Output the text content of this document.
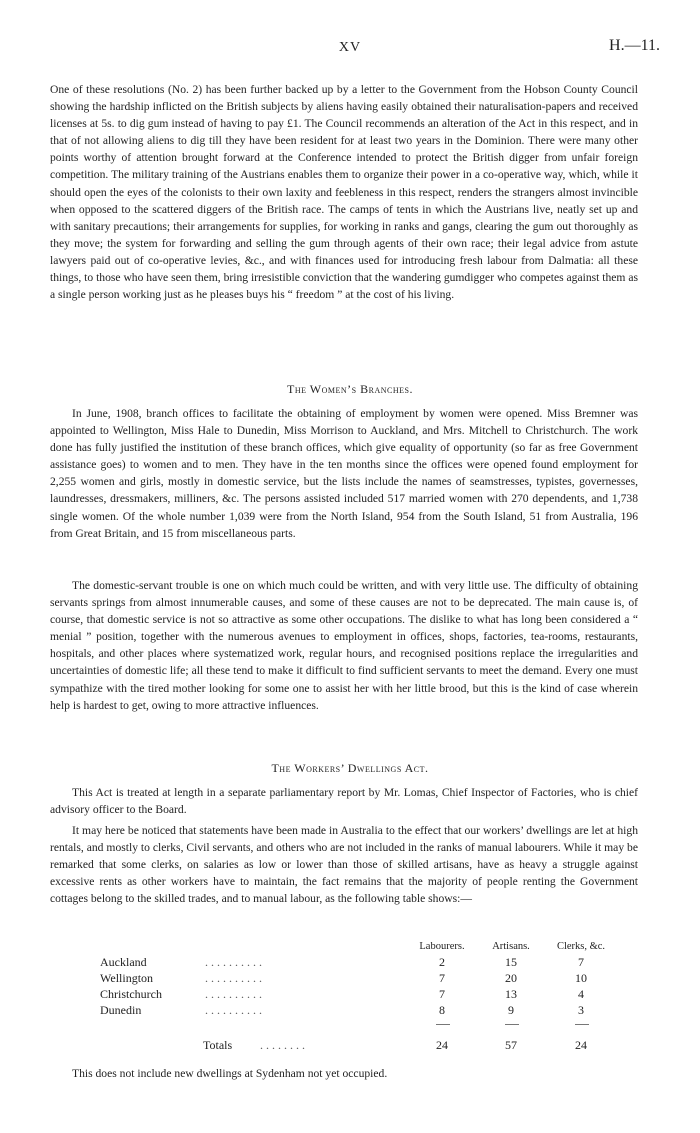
XV	H.—11.

One of these resolutions (No. 2) has been further backed up by a letter to the Government from the Hobson County Council showing the hardship inflicted on the British subjects by aliens having easily obtained their naturalisation-papers and received licenses at 5s. to dig gum instead of having to pay £1. The Council recommends an alteration of the Act in this respect, and in that of not allowing aliens to dig till they have been resident for at least two years in the Dominion. There were many other points worthy of attention brought forward at the Conference intended to protect the British digger from unfair foreign competition. The military training of the Austrians enables them to organize their power in a co-operative way, which, while it should open the eyes of the colonists to their own laxity and feebleness in this respect, renders the strangers almost invincible when opposed to the scattered diggers of the British race. The camps of tents in which the Austrians live, neatly set up and with sanitary precautions; their arrangements for supplies, for working in ranks and gangs, clearing the gum out thoroughly as they move; the system for forwarding and selling the gum through agents of their own race; their legal advice from astute lawyers paid out of co-operative levies, &c., and with finances used for introducing fresh labour from Dalmatia: all these things, to those who have seen them, bring irresistible conviction that the wandering gumdigger who competes against them as a single person working just as he pleases buys his “ freedom ” at the cost of his living.

The Women’s Branches.

In June, 1908, branch offices to facilitate the obtaining of employment by women were opened. Miss Bremner was appointed to Wellington, Miss Hale to Dunedin, Miss Morrison to Auckland, and Mrs. Mitchell to Christchurch. The work done has fully justified the institution of these branch offices, which give equality of opportunity (so far as free Government assistance goes) to women and to men. They have in the ten months since the offices were opened found employment for 2,255 women and girls, mostly in domestic service, but the lists include the names of seamstresses, typistes, governesses, laundresses, dressmakers, milliners, &c. The persons assisted included 517 married women with 270 dependents, and 1,738 single women. Of the whole number 1,039 were from the North Island, 954 from the South Island, 51 from Australia, 196 from Great Britain, and 15 from miscellaneous parts.

The domestic-servant trouble is one on which much could be written, and with very little use. The difficulty of obtaining servants springs from almost innumerable causes, and some of these causes are not to be deprecated. The main cause is, of course, that domestic service is not so attractive as some other occupations. The dislike to what has long been considered a “ menial ” position, together with the numerous avenues to employment in offices, shops, factories, tea-rooms, restaurants, hospitals, and other places where systematized work, regular hours, and recognised positions replace the irregularities and uncertainties of domestic life; all these tend to make it difficult to find sufficient servants to meet the demand. Every one must sympathize with the tired mother looking for some one to assist her with her little brood, but this is the kind of case wherein help is hardest to get, owing to more attractive influences.

The Workers’ Dwellings Act.

This Act is treated at length in a separate parliamentary report by Mr. Lomas, Chief Inspector of Factories, who is chief advisory officer to the Board.

It may here be noticed that statements have been made in Australia to the effect that our workers’ dwellings are let at high rentals, and mostly to clerks, Civil servants, and others who are not included in the ranks of manual labourers. While it may be remarked that some clerks, on salaries as low or lower than those of skilled artisans, have as heavy a struggle against excessive rents as other workers have to maintain, the fact remains that the majority of people renting the Government cottages belong to the skilled trades, and to manual labour, as the following table shows:—

Labourers.	Artisans.	Clerks, &c.
Auckland	. . . . . . . . . .	2	15	7
Wellington	. . . . . . . . . .	7	20	10
Christchurch	. . . . . . . . . .	7	13	4
Dunedin	. . . . . . . . . .	8	9	3
Totals . . . . . . . .	24	57	24

This does not include new dwellings at Sydenham not yet occupied.
